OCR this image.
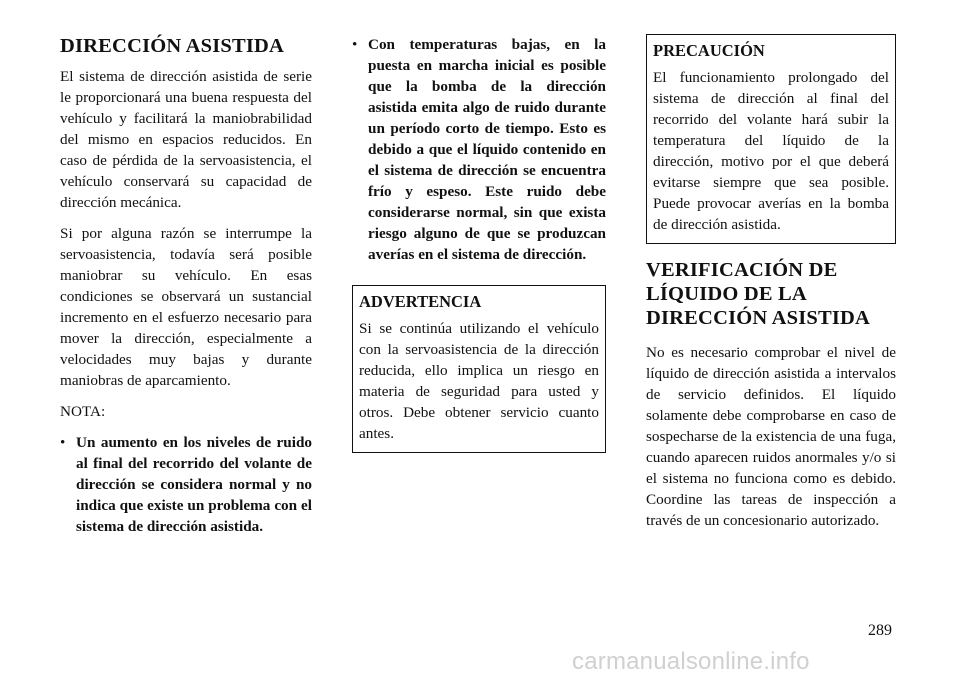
DIRECCIÓN ASISTIDA

El sistema de dirección asistida de serie le proporcionará una buena respuesta del vehículo y facilitará la maniobrabilidad del mismo en espacios reducidos. En caso de pérdida de la servoasistencia, el vehículo conservará su capacidad de dirección mecánica.

Si por alguna razón se interrumpe la servoasistencia, todavía será posible maniobrar su vehículo. En esas condiciones se observará un sustancial incremento en el esfuerzo necesario para mover la dirección, especialmente a velocidades muy bajas y durante maniobras de aparcamiento.

NOTA:
• Un aumento en los niveles de ruido al final del recorrido del volante de dirección se considera normal y no indica que existe un problema con el sistema de dirección asistida.
• Con temperaturas bajas, en la puesta en marcha inicial es posible que la bomba de la dirección asistida emita algo de ruido durante un período corto de tiempo. Esto es debido a que el líquido contenido en el sistema de dirección se encuentra frío y espeso. Este ruido debe considerarse normal, sin que exista riesgo alguno de que se produzcan averías en el sistema de dirección.
ADVERTENCIA
Si se continúa utilizando el vehículo con la servoasistencia de la dirección reducida, ello implica un riesgo en materia de seguridad para usted y otros. Debe obtener servicio cuanto antes.
PRECAUCIÓN
El funcionamiento prolongado del sistema de dirección al final del recorrido del volante hará subir la temperatura del líquido de la dirección, motivo por el que deberá evitarse siempre que sea posible. Puede provocar averías en la bomba de dirección asistida.
VERIFICACIÓN DE LÍQUIDO DE LA DIRECCIÓN ASISTIDA

No es necesario comprobar el nivel de líquido de dirección asistida a intervalos de servicio definidos. El líquido solamente debe comprobarse en caso de sospecharse de la existencia de una fuga, cuando aparecen ruidos anormales y/o si el sistema no funciona como es debido. Coordine las tareas de inspección a través de un concesionario autorizado.

289
carmanualsonline.info
